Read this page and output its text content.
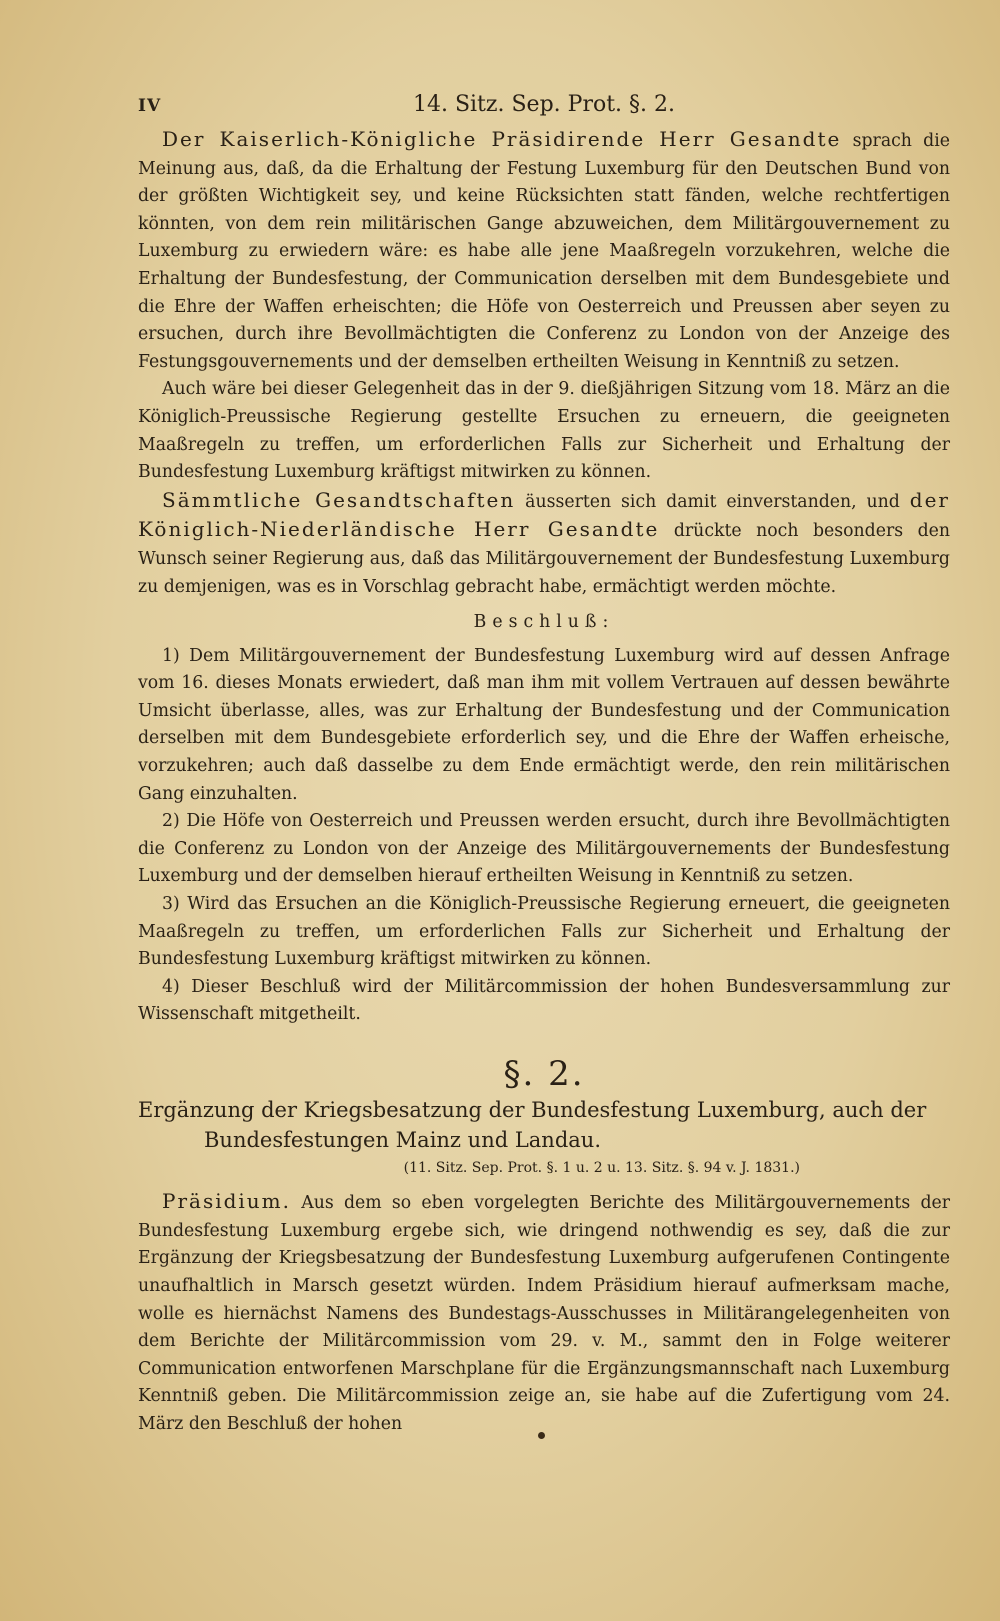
IV	14. Sitz. Sep. Prot. §. 2.

Der Kaiserlich-Königliche Präsidirende Herr Gesandte sprach die Meinung aus, daß, da die Erhaltung der Festung Luxemburg für den Deutschen Bund von der größten Wichtigkeit sey, und keine Rücksichten statt fänden, welche rechtfertigen könnten, von dem rein militärischen Gange abzuweichen, dem Militärgouvernement zu Luxemburg zu erwiedern wäre: es habe alle jene Maaßregeln vorzukehren, welche die Erhaltung der Bundesfestung, der Communication derselben mit dem Bundesgebiete und die Ehre der Waffen erheischten; die Höfe von Oesterreich und Preussen aber seyen zu ersuchen, durch ihre Bevollmächtigten die Conferenz zu London von der Anzeige des Festungsgouvernements und der demselben ertheilten Weisung in Kenntniß zu setzen.

Auch wäre bei dieser Gelegenheit das in der 9. dießjährigen Sitzung vom 18. März an die Königlich-Preussische Regierung gestellte Ersuchen zu erneuern, die geeigneten Maaßregeln zu treffen, um erforderlichen Falls zur Sicherheit und Erhaltung der Bundesfestung Luxemburg kräftigst mitwirken zu können.

Sämmtliche Gesandtschaften äusserten sich damit einverstanden, und der Königlich-Niederländische Herr Gesandte drückte noch besonders den Wunsch seiner Regierung aus, daß das Militärgouvernement der Bundesfestung Luxemburg zu demjenigen, was es in Vorschlag gebracht habe, ermächtigt werden möchte.

Beschluß:

1) Dem Militärgouvernement der Bundesfestung Luxemburg wird auf dessen Anfrage vom 16. dieses Monats erwiedert, daß man ihm mit vollem Vertrauen auf dessen bewährte Umsicht überlasse, alles, was zur Erhaltung der Bundesfestung und der Communication derselben mit dem Bundesgebiete erforderlich sey, und die Ehre der Waffen erheische, vorzukehren; auch daß dasselbe zu dem Ende ermächtigt werde, den rein militärischen Gang einzuhalten.

2) Die Höfe von Oesterreich und Preussen werden ersucht, durch ihre Bevollmächtigten die Conferenz zu London von der Anzeige des Militärgouvernements der Bundesfestung Luxemburg und der demselben hierauf ertheilten Weisung in Kenntniß zu setzen.

3) Wird das Ersuchen an die Königlich-Preussische Regierung erneuert, die geeigneten Maaßregeln zu treffen, um erforderlichen Falls zur Sicherheit und Erhaltung der Bundesfestung Luxemburg kräftigst mitwirken zu können.

4) Dieser Beschluß wird der Militärcommission der hohen Bundesversammlung zur Wissenschaft mitgetheilt.

§. 2.

Ergänzung der Kriegsbesatzung der Bundesfestung Luxemburg, auch der
Bundesfestungen Mainz und Landau.

(11. Sitz. Sep. Prot. §. 1 u. 2 u. 13. Sitz. §. 94 v. J. 1831.)

Präsidium. Aus dem so eben vorgelegten Berichte des Militärgouvernements der Bundesfestung Luxemburg ergebe sich, wie dringend nothwendig es sey, daß die zur Ergänzung der Kriegsbesatzung der Bundesfestung Luxemburg aufgerufenen Contingente unaufhaltlich in Marsch gesetzt würden. Indem Präsidium hierauf aufmerksam mache, wolle es hiernächst Namens des Bundestags-Ausschusses in Militärangelegenheiten von dem Berichte der Militärcommission vom 29. v. M., sammt den in Folge weiterer Communication entworfenen Marschplane für die Ergänzungsmannschaft nach Luxemburg Kenntniß geben. Die Militärcommission zeige an, sie habe auf die Zufertigung vom 24. März den Beschluß der hohen
